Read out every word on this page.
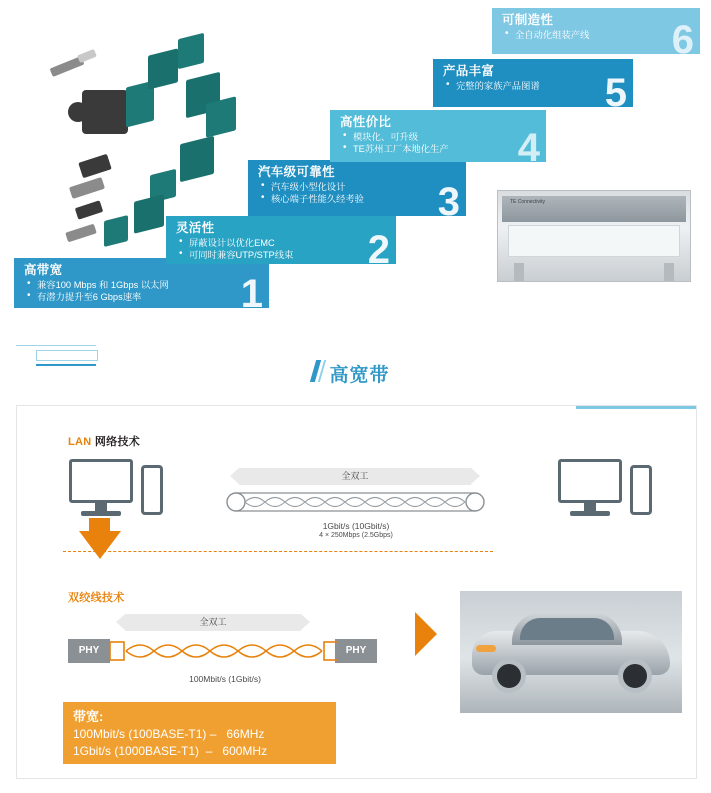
TE Connectivity
高带宽
• 兼容100 Mbps 和 1Gbps 以太网
• 有潜力提升至6 Gbps速率	1
灵活性
• 屏蔽设计以优化EMC
• 可同时兼容UTP/STP线束	2
汽车级可靠性
• 汽车级小型化设计
• 核心端子性能久经考验	3
高性价比
• 模块化、可升级
• TE苏州工厂本地化生产	4
产品丰富
• 完整的家族产品图谱	5
可制造性
• 全自动化组装产线	6
高宽带
LAN 网络技术
全双工
1Gbit/s (10Gbit/s)
4 × 250Mbps (2.5Gbps)
双绞线技术
全双工
PHY	PHY
100Mbit/s (1Gbit/s)
带宽:
100Mbit/s (100BASE-T1) –   66MHz
1Gbit/s (1000BASE-T1)  –   600MHz
